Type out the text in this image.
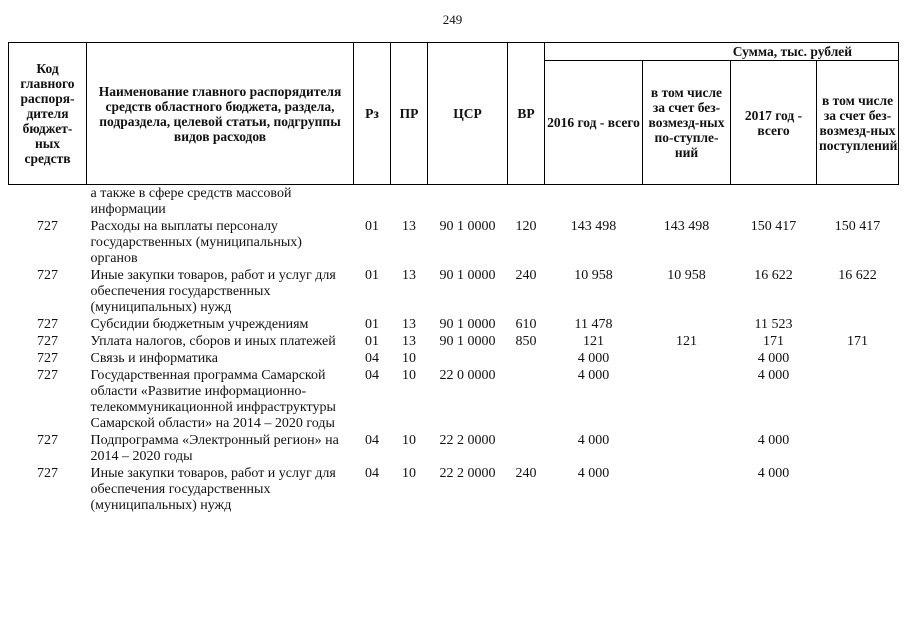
249
Код главного распоря-дителя бюджет-ных средств	Наименование главного распорядителя средств областного бюджета, раздела, подраздела, целевой статьи, подгруппы видов расходов	Рз	ПР	ЦСР	ВР	Сумма, тыс. рублей			
						2016 год - всего	в том числе за счет без-возмезд-ных по-ступле-ний	2017 год - всего	в том числе за счет без-возмезд-ных поступлений
	а также в сфере средств массовой информации								
727	Расходы на выплаты персоналу государственных (муниципальных) органов	01	13	90 1 0000	120	143 498	143 498	150 417	150 417
727	Иные закупки товаров, работ и услуг для обеспечения государственных (муниципальных) нужд	01	13	90 1 0000	240	10 958	10 958	16 622	16 622
727	Субсидии бюджетным учреждениям	01	13	90 1 0000	610	11 478		11 523	
727	Уплата налогов, сборов и иных платежей	01	13	90 1 0000	850	121	121	171	171
727	Связь и информатика	04	10			4 000		4 000	
727	Государственная программа Самарской области «Развитие информационно-телекоммуникационной инфраструктуры Самарской области» на 2014 – 2020 годы	04	10	22 0 0000		4 000		4 000	
727	Подпрограмма «Электронный регион» на 2014 – 2020 годы	04	10	22 2 0000		4 000		4 000	
727	Иные закупки товаров, работ и услуг для обеспечения государственных (муниципальных) нужд	04	10	22 2 0000	240	4 000		4 000	
